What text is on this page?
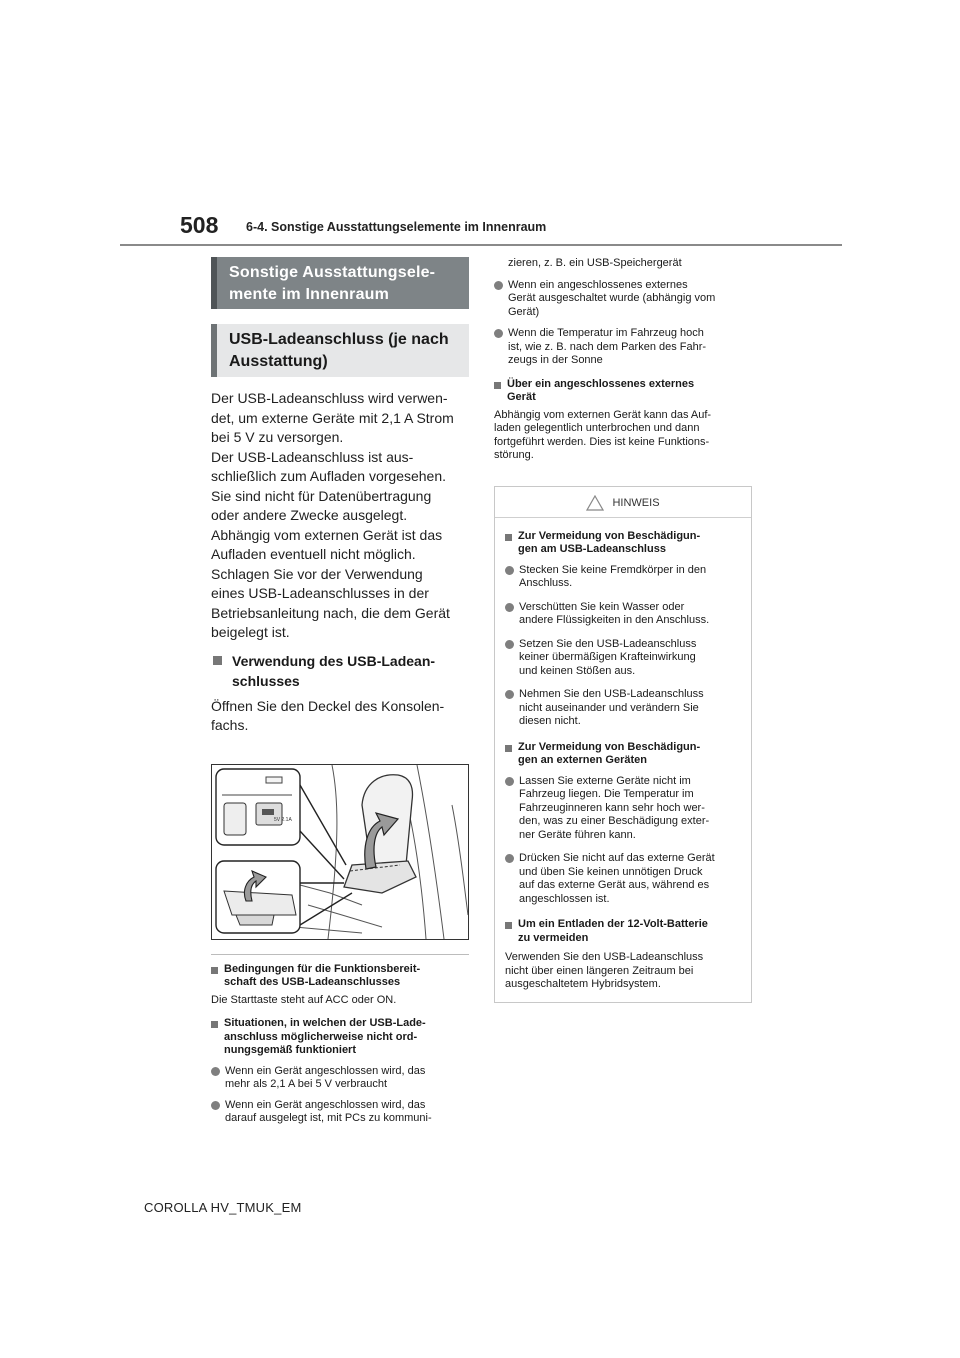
508 6-4. Sonstige Ausstattungselemente im Innenraum
Sonstige Ausstattungsele-
mente im Innenraum
USB-Ladeanschluss (je nach
Ausstattung)

Der USB-Ladeanschluss wird verwen-

det, um externe Geräte mit 2,1 A Strom

bei 5 V zu versorgen.

Der USB-Ladeanschluss ist aus-

schließlich zum Aufladen vorgesehen.

Sie sind nicht für Datenübertragung

oder andere Zwecke ausgelegt.

Abhängig vom externen Gerät ist das

Aufladen eventuell nicht möglich.

Schlagen Sie vor der Verwendung

eines USB-Ladeanschlusses in der

Betriebsanleitung nach, die dem Gerät

beigelegt ist.

Verwendung des USB-Ladean-
schlusses

Öffnen Sie den Deckel des Konsolen-

fachs.

5V 2.1A
Bedingungen für die Funktionsbereit-
schaft des USB-Ladeanschlusses
Die Starttaste steht auf ACC oder ON.
Situationen, in welchen der USB-Lade-
anschluss möglicherweise nicht ord-
nungsgemäß funktioniert
Wenn ein Gerät angeschlossen wird, das
mehr als 2,1 A bei 5 V verbraucht
Wenn ein Gerät angeschlossen wird, das
darauf ausgelegt ist, mit PCs zu kommuni-
zieren, z. B. ein USB-Speichergerät
Wenn ein angeschlossenes externes
Gerät ausgeschaltet wurde (abhängig vom
Gerät)
Wenn die Temperatur im Fahrzeug hoch
ist, wie z. B. nach dem Parken des Fahr-
zeugs in der Sonne
Über ein angeschlossenes externes
Gerät
Abhängig vom externen Gerät kann das Auf-
laden gelegentlich unterbrochen und dann
fortgeführt werden. Dies ist keine Funktions-
störung.
HINWEIS
Zur Vermeidung von Beschädigun-
gen am USB-Ladeanschluss
Stecken Sie keine Fremdkörper in den
Anschluss.
Verschütten Sie kein Wasser oder
andere Flüssigkeiten in den Anschluss.
Setzen Sie den USB-Ladeanschluss
keiner übermäßigen Krafteinwirkung
und keinen Stößen aus.
Nehmen Sie den USB-Ladeanschluss
nicht auseinander und verändern Sie
diesen nicht.
Zur Vermeidung von Beschädigun-
gen an externen Geräten
Lassen Sie externe Geräte nicht im
Fahrzeug liegen. Die Temperatur im
Fahrzeuginneren kann sehr hoch wer-
den, was zu einer Beschädigung exter-
ner Geräte führen kann.
Drücken Sie nicht auf das externe Gerät
und üben Sie keinen unnötigen Druck
auf das externe Gerät aus, während es
angeschlossen ist.
Um ein Entladen der 12-Volt-Batterie
zu vermeiden
Verwenden Sie den USB-Ladeanschluss
nicht über einen längeren Zeitraum bei
ausgeschaltetem Hybridsystem.
COROLLA HV_TMUK_EM
